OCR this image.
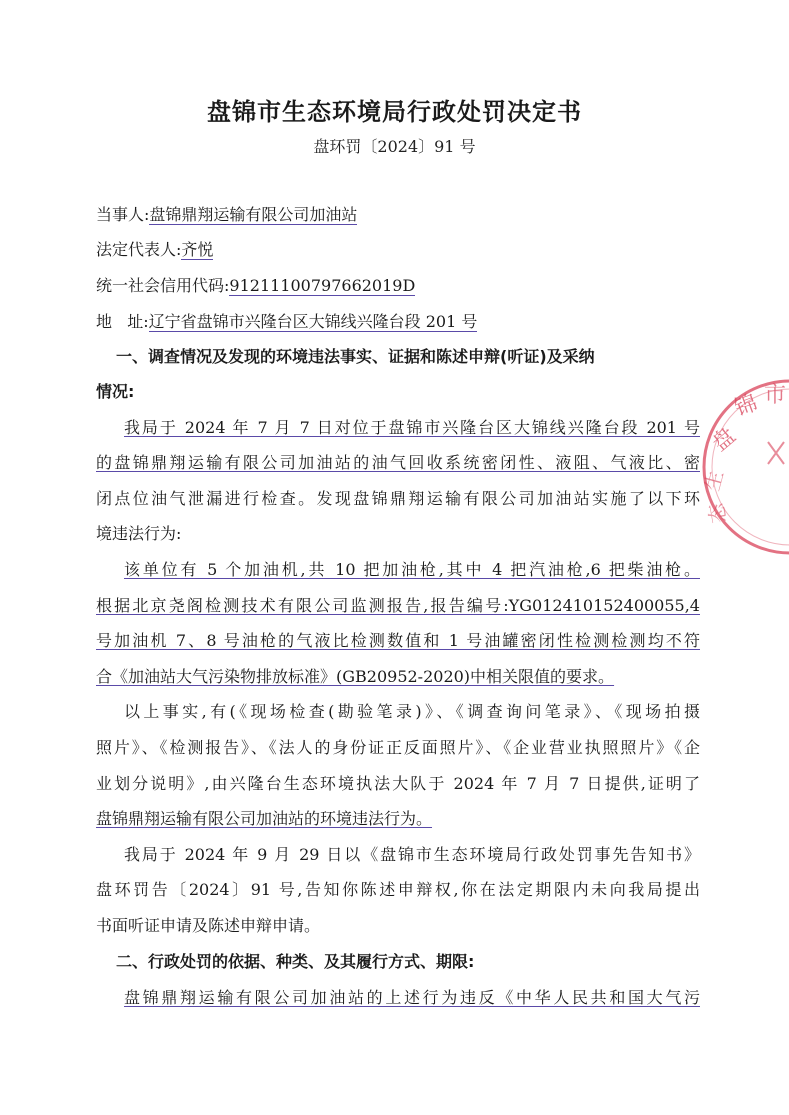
盘锦市生态环境局行政处罚决定书
盘环罚〔2024〕91 号
当事人:盘锦鼎翔运输有限公司加油站
法定代表人:齐悦
统一社会信用代码:91211100797662019D
地   址:辽宁省盘锦市兴隆台区大锦线兴隆台段 201 号
一、调查情况及发现的环境违法事实、证据和陈述申辩(听证)及采纳
情况:
我局于 2024 年 7 月 7 日对位于盘锦市兴隆台区大锦线兴隆台段 201 号
的盘锦鼎翔运输有限公司加油站的油气回收系统密闭性、液阻、气液比、密
闭点位油气泄漏进行检查。发现盘锦鼎翔运输有限公司加油站实施了以下环
境违法行为:
该单位有 5 个加油机,共 10 把加油枪,其中 4 把汽油枪,6 把柴油枪。
根据北京尧阁检测技术有限公司监测报告,报告编号:YG012410152400055,4
号加油机 7、8 号油枪的气液比检测数值和 1 号油罐密闭性检测检测均不符
合《加油站大气污染物排放标准》(GB20952-2020)中相关限值的要求。
以上事实,有(《现场检查(勘验笔录)》、《调查询问笔录》、《现场拍摄
照片》、《检测报告》、《法人的身份证正反面照片》、《企业营业执照照片》《企
业划分说明》,由兴隆台生态环境执法大队于 2024 年 7 月 7 日提供,证明了
盘锦鼎翔运输有限公司加油站的环境违法行为。
我局于 2024 年 9 月 29 日以《盘锦市生态环境局行政处罚事先告知书》
盘环罚告〔2024〕91 号,告知你陈述申辩权,你在法定期限内未向我局提出
书面听证申请及陈述申辩申请。
二、行政处罚的依据、种类、及其履行方式、期限:
盘锦鼎翔运输有限公司加油站的上述行为违反《中华人民共和国大气污
盘
锦 市
生
态
